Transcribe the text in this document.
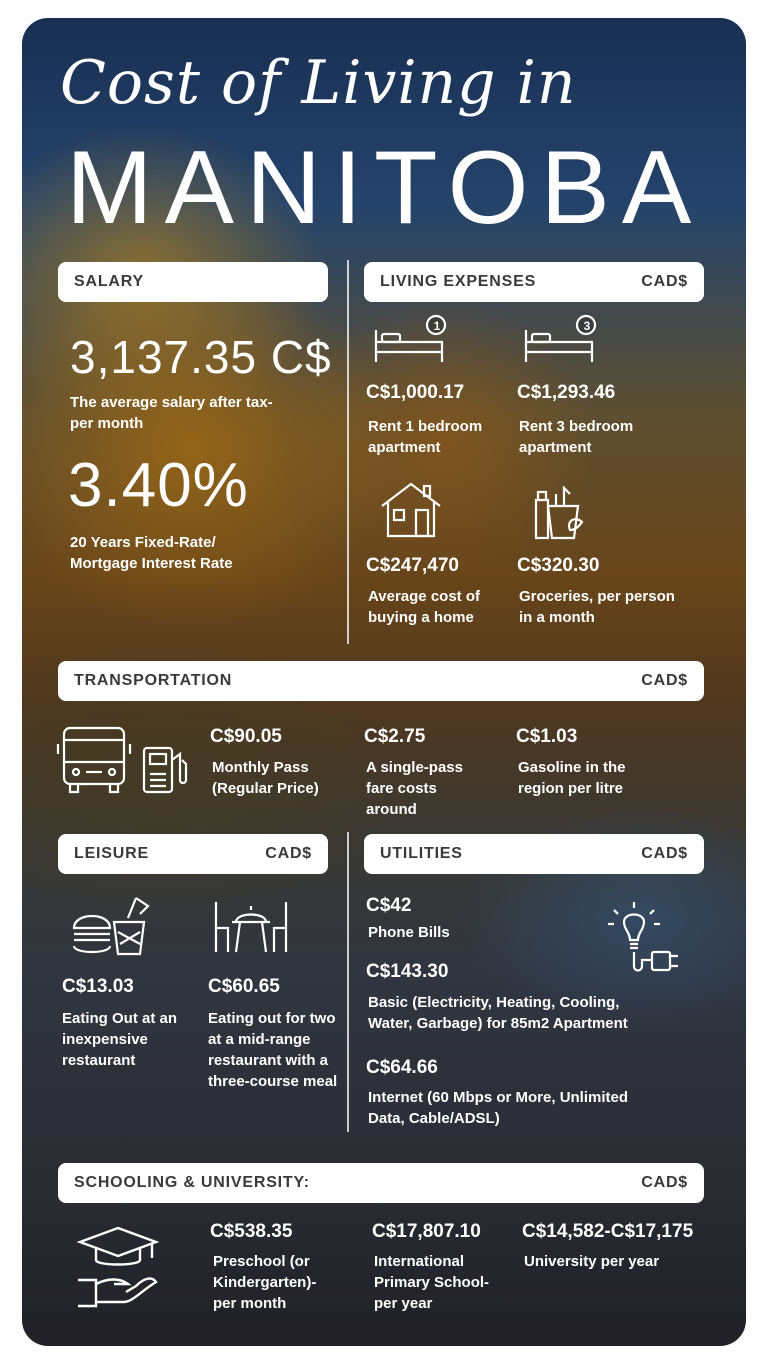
Cost of Living in
MANITOBA
SALARY
3,137.35 C$
The average salary after tax-per month
3.40%
20 Years Fixed-Rate/ Mortgage Interest Rate
LIVING EXPENSES	CAD$
1	3
C$1,000.17
Rent 1 bedroom apartment
C$1,293.46
Rent 3 bedroom apartment
C$247,470
Average cost of buying a home
C$320.30
Groceries, per person in a month
TRANSPORTATION	CAD$
C$90.05
Monthly Pass (Regular Price)
C$2.75
A single-pass fare costs around
C$1.03
Gasoline in the region per litre
LEISURE	CAD$
C$13.03
Eating Out at an inexpensive restaurant
C$60.65
Eating out for two at a mid-range restaurant with a three-course meal
UTILITIES	CAD$
C$42
Phone Bills
C$143.30
Basic (Electricity, Heating, Cooling, Water, Garbage) for 85m2 Apartment
C$64.66
Internet (60 Mbps or More, Unlimited Data, Cable/ADSL)
SCHOOLING & UNIVERSITY:	CAD$
C$538.35
Preschool (or Kindergarten)-per month
C$17,807.10
International Primary School-per year
C$14,582-C$17,175
University per year
